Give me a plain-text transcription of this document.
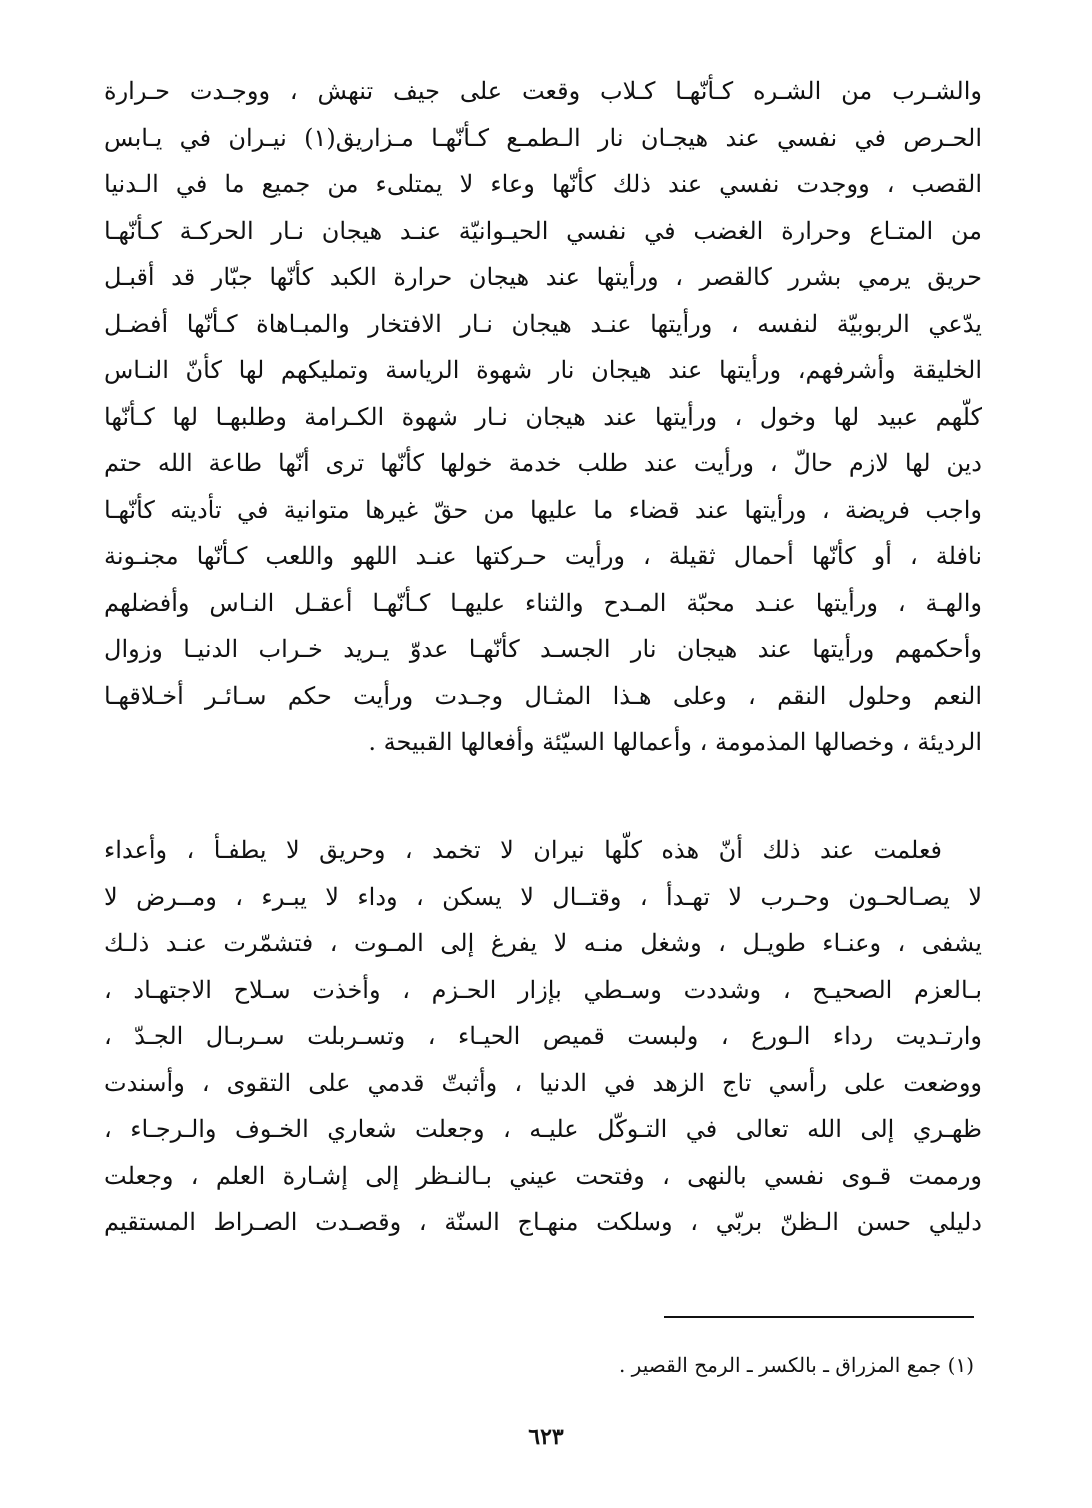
والشـرب من الشـره كـأنّهـا كـلاب وقعت على جيف تنهش ، ووجـدت حـرارة
الحـرص في نفسي عند هيجـان نار الـطمـع كـأنّهـا مـزاريق(١) نيـران في يـابس
القصب ، ووجدت نفسي عند ذلك كأنّها وعاء لا يمتلىء من جميع ما في الـدنيا
من المتـاع وحرارة الغضب في نفسي الحيـوانيّة عنـد هيجان نـار الحركـة كـأنّهـا
حريق يرمي بشرر كالقصر ، ورأيتها عند هيجان حرارة الكبد كأنّها جبّار قد أقبـل
يدّعي الربوبيّة لنفسه ، ورأيتها عنـد هيجان نـار الافتخار والمبـاهاة كـأنّها أفضـل
الخليقة وأشرفهم، ورأيتها عند هيجان نار شهوة الرياسة وتمليكهم لها كأنّ النـاس
كلّهم عبيد لها وخول ، ورأيتها عند هيجان نـار شهوة الكـرامة وطلبهـا لها كـأنّها
دين لها لازم حالّ ، ورأيت عند طلب خدمة خولها كأنّها ترى أنّها طاعة الله حتم
واجب فريضة ، ورأيتها عند قضاء ما عليها من حقّ غيرها متوانية في تأديته كأنّهـا
نافلة ، أو كأنّها أحمال ثقيلة ، ورأيت حـركتها عنـد اللهو واللعب كـأنّها مجنـونة
والهـة ، ورأيتها عنـد محبّة المـدح والثناء عليهـا كـأنّهـا أعقـل النـاس وأفضلهم
وأحكمهم ورأيتها عند هيجان نار الجسـد كأنّهـا عدوّ يـريد خـراب الدنيـا وزوال
النعم وحلول النقم ، وعلى هـذا المثـال وجـدت ورأيت حكم سـائـر أخـلاقهـا
الرديئة ، وخصالها المذمومة ، وأعمالها السيّئة وأفعالها القبيحة .
فعلمت عند ذلك أنّ هذه كلّها نيران لا تخمد ، وحريق لا يطفـأ ، وأعداء
لا يصـالحـون وحـرب لا تهـدأ ، وقتــال لا يسكن ، وداء لا يبـرء ، ومــرض لا
يشفى ، وعنـاء طويـل ، وشغل منـه لا يفرغ إلى المـوت ، فتشمّرت عنـد ذلـك
بـالعزم الصحيـح ، وشددت وسـطي بإزار الحـزم ، وأخذت سـلاح الاجتهـاد ،
وارتـديت رداء الـورع ، ولبست قميص الحيـاء ، وتسـربلت سـربـال الجـدّ ،
ووضعت على رأسي تاج الزهد في الدنيا ، وأثبتّ قدمي على التقوى ، وأسندت
ظهـري إلى الله تعالى في التـوكّل عليـه ، وجعلت شعاري الخـوف والـرجـاء ،
ورممت قـوى نفسي بالنهى ، وفتحت عيني بـالنـظر إلى إشـارة العلم ، وجعلت
دليلي حسن الـظنّ بربّي ، وسلكت منهـاج السنّة ، وقصـدت الصـراط المستقيم
(١) جمع المزراق ـ بالكسر ـ الرمح القصير .
٦٢٣
